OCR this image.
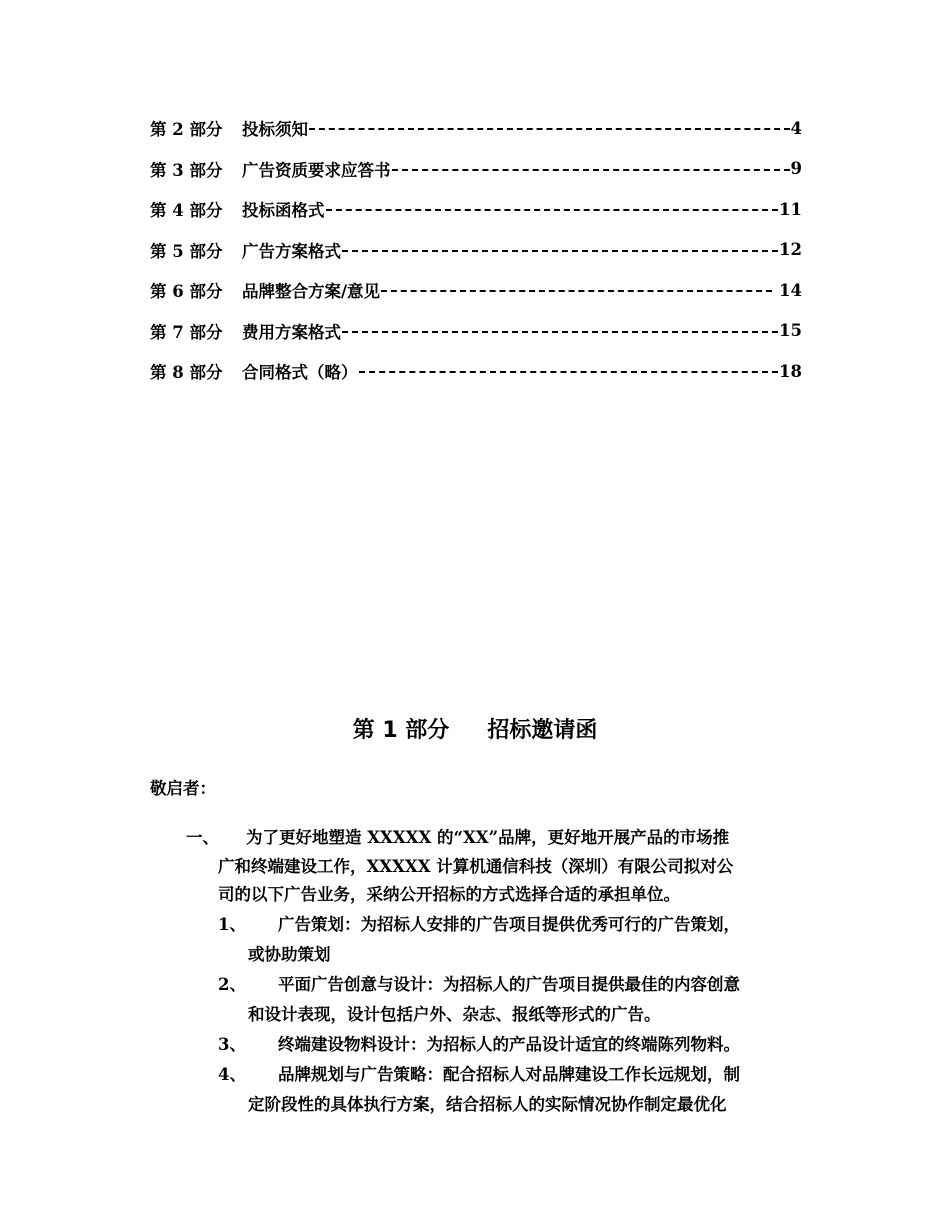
第 2 部分	投标须知	4
第 3 部分	广告资质要求应答书	9
第 4 部分	投标函格式	11
第 5 部分	广告方案格式	12
第 6 部分	品牌整合方案/意见	14
第 7 部分	费用方案格式	15
第 8 部分	合同格式（略）	18
第 1 部分 招标邀请函
敬启者：
一、 为了更好地塑造 XXXXX 的“XX”品牌，更好地开展产品的市场推
广和终端建设工作，XXXXX 计算机通信科技（深圳）有限公司拟对公
司的以下广告业务，采纳公开招标的方式选择合适的承担单位。
1、 广告策划：为招标人安排的广告项目提供优秀可行的广告策划，
或协助策划
2、 平面广告创意与设计：为招标人的广告项目提供最佳的内容创意
和设计表现，设计包括户外、杂志、报纸等形式的广告。
3、 终端建设物料设计：为招标人的产品设计适宜的终端陈列物料。
4、 品牌规划与广告策略：配合招标人对品牌建设工作长远规划，制
定阶段性的具体执行方案，结合招标人的实际情况协作制定最优化
